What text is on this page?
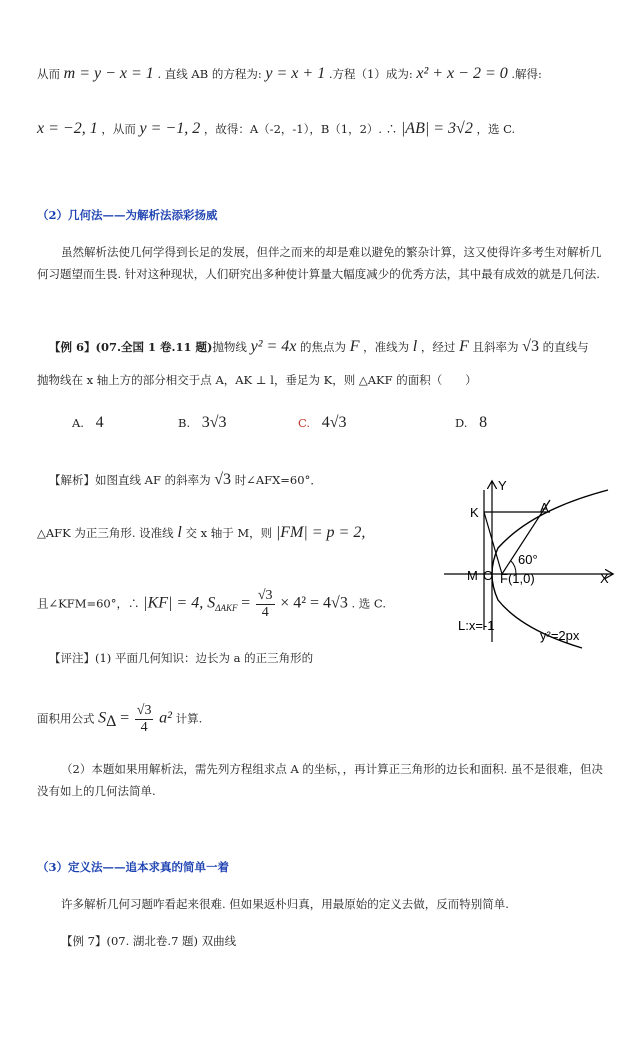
从而 m = y − x = 1 . 直线 AB 的方程为: y = x + 1 .方程（1）成为: x² + x − 2 = 0 .解得:
x = −2, 1 ，从而 y = −1, 2 ，故得：A（-2，-1），B（1，2）. ∴ |AB| = 3√2 ，选 C.
（2）几何法——为解析法添彩扬威
虽然解析法使几何学得到长足的发展，但伴之而来的却是难以避免的繁杂计算，这又使得许多考生对解析几何习题望而生畏. 针对这种现状，人们研究出多种使计算量大幅度减少的优秀方法，其中最有成效的就是几何法.
【例 6】(07.全国 1 卷.11 题)抛物线 y² = 4x 的焦点为 F ，准线为 l ，经过 F 且斜率为 √3 的直线与
抛物线在 x 轴上方的部分相交于点 A，AK ⊥ l，垂足为 K，则 △AKF 的面积（　　）
A. 4	B. 3√3	C. 4√3	D. 8
【解析】如图直线 AF 的斜率为 √3 时∠AFX=60°．
△AFK 为正三角形. 设准线 l 交 x 轴于 M，则 |FM| = p = 2,
且∠KFM=60°，∴ |KF| = 4, $S_{\Delta AKF} = \frac{√3}{4} \times 4^2 = 4√3$ . 选 C.
【评注】(1) 平面几何知识：边长为 a 的正三角形的
面积用公式 $S_\Delta = \frac{√3}{4} a^2$ 计算.
（2）本题如果用解析法，需先列方程组求点 A 的坐标，，再计算正三角形的边长和面积. 虽不是很难，但决没有如上的几何法简单.
（3）定义法——追本求真的简单一着
许多解析几何习题咋看起来很难. 但如果返朴归真，用最原始的定义去做，反而特别简单.
【例 7】(07. 湖北卷.7 题) 双曲线
Y
X
A
K
60°
M O F(1,0)
L:x=-1
y²=2px
